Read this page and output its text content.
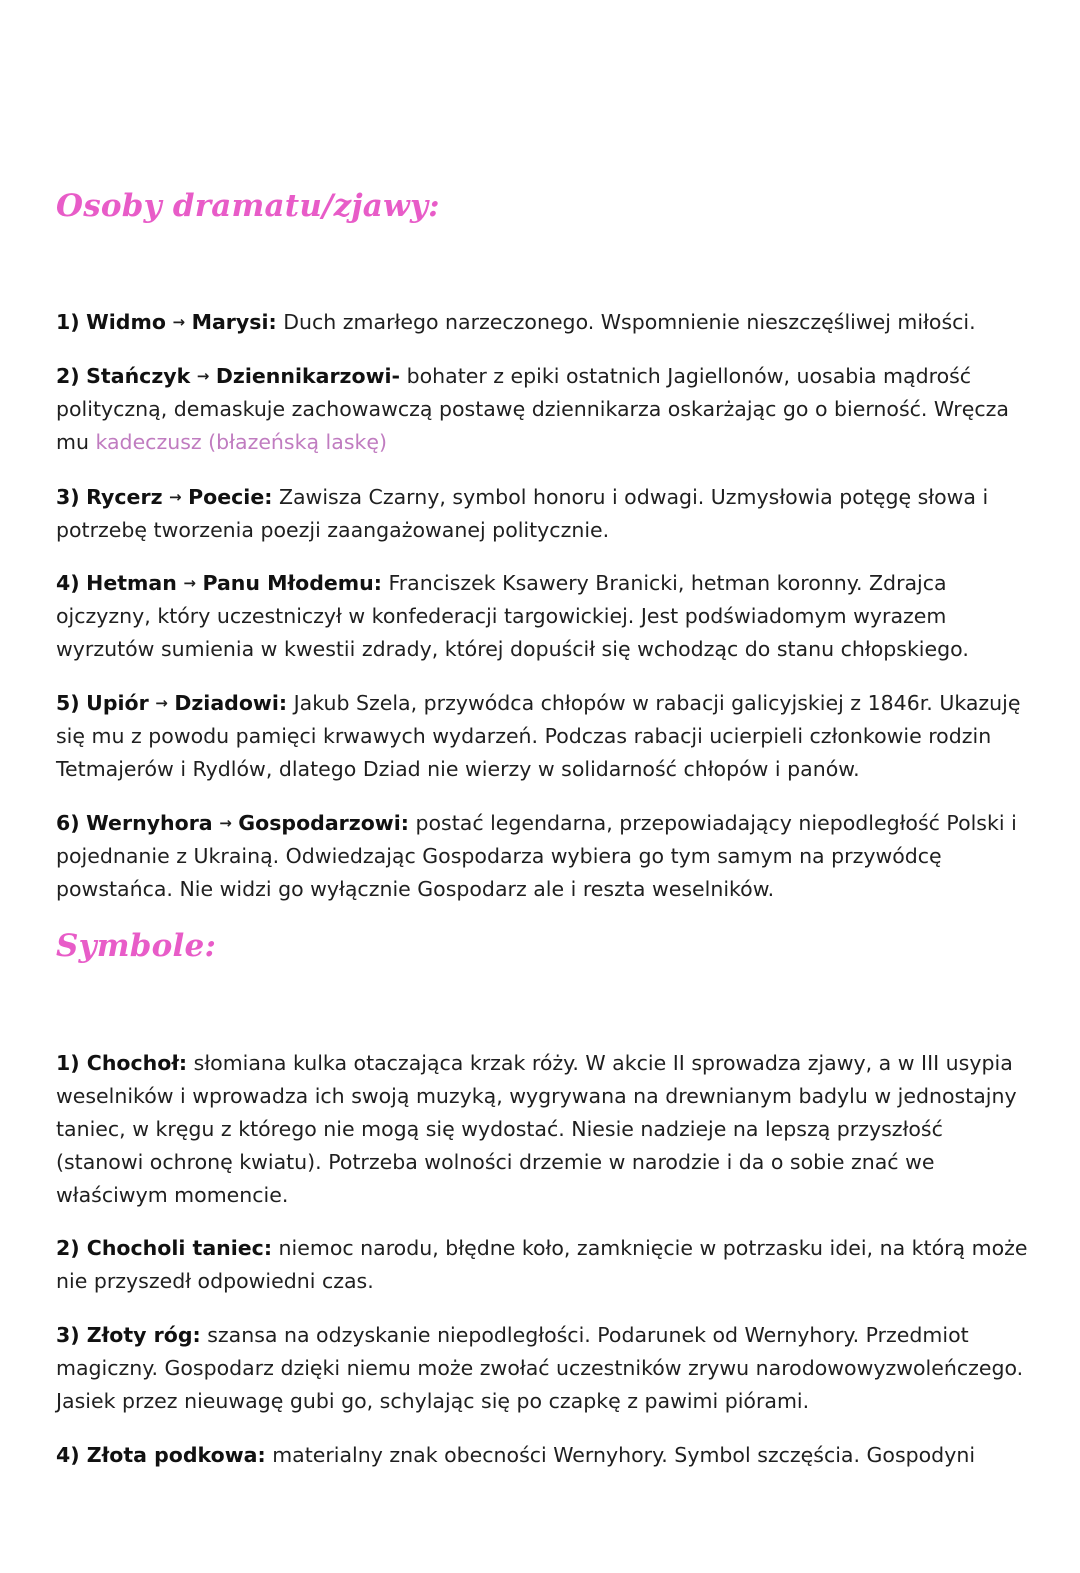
Osoby dramatu/zjawy:

1) Widmo → Marysi: Duch zmarłego narzeczonego. Wspomnienie nieszczęśliwej miłości.

2) Stańczyk → Dziennikarzowi- bohater z epiki ostatnich Jagiellonów, uosabia mądrość polityczną, demaskuje zachowawczą postawę dziennikarza oskarżając go o bierność. Wręcza mu kadeczusz (błazeńską laskę)

3) Rycerz → Poecie: Zawisza Czarny, symbol honoru i odwagi. Uzmysłowia potęgę słowa i potrzebę tworzenia poezji zaangażowanej politycznie.

4) Hetman → Panu Młodemu: Franciszek Ksawery Branicki, hetman koronny. Zdrajca ojczyzny, który uczestniczył w konfederacji targowickiej. Jest podświadomym wyrazem wyrzutów sumienia w kwestii zdrady, której dopuścił się wchodząc do stanu chłopskiego.

5) Upiór → Dziadowi: Jakub Szela, przywódca chłopów w rabacji galicyjskiej z 1846r. Ukazuję się mu z powodu pamięci krwawych wydarzeń. Podczas rabacji ucierpieli członkowie rodzin Tetmajerów i Rydlów, dlatego Dziad nie wierzy w solidarność chłopów i panów.

6) Wernyhora → Gospodarzowi: postać legendarna, przepowiadający niepodległość Polski i pojednanie z Ukrainą. Odwiedzając Gospodarza wybiera go tym samym na przywódcę powstańca. Nie widzi go wyłącznie Gospodarz ale i reszta weselników.

Symbole:

1) Chochoł: słomiana kulka otaczająca krzak róży. W akcie II sprowadza zjawy, a w III usypia weselników i wprowadza ich swoją muzyką, wygrywana na drewnianym badylu w jednostajny taniec, w kręgu z którego nie mogą się wydostać. Niesie nadzieje na lepszą przyszłość (stanowi ochronę kwiatu). Potrzeba wolności drzemie w narodzie i da o sobie znać we właściwym momencie.

2) Chocholi taniec: niemoc narodu, błędne koło, zamknięcie w potrzasku idei, na którą może nie przyszedł odpowiedni czas.

3) Złoty róg: szansa na odzyskanie niepodległości. Podarunek od Wernyhory. Przedmiot magiczny. Gospodarz dzięki niemu może zwołać uczestników zrywu narodowowyzwoleńczego. Jasiek przez nieuwagę gubi go, schylając się po czapkę z pawimi piórami.

4) Złota podkowa: materialny znak obecności Wernyhory. Symbol szczęścia. Gospodyni
